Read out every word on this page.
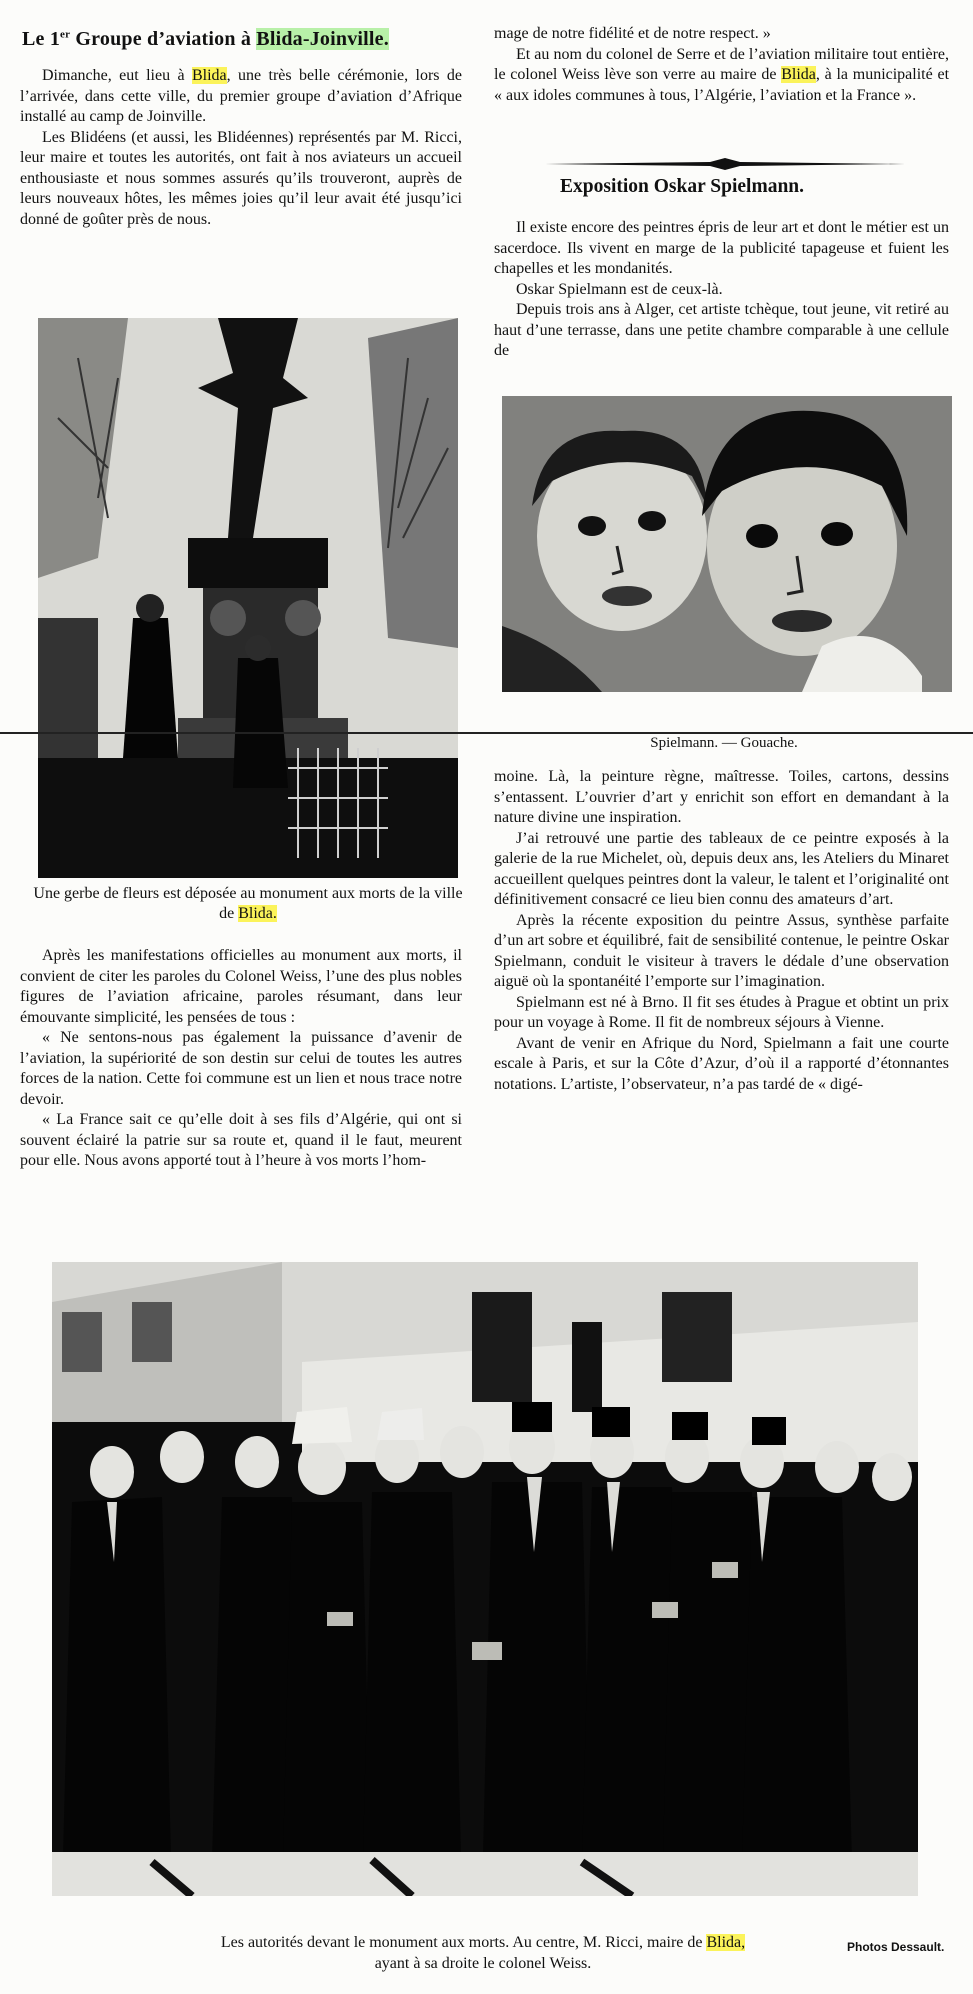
Le 1er Groupe d’aviation à Blida-Joinville.

Dimanche, eut lieu à Blida, une très belle cérémonie, lors de l’arrivée, dans cette ville, du premier groupe d’aviation d’Afrique installé au camp de Joinville.

Les Blidéens (et aussi, les Blidéennes) représentés par M. Ricci, leur maire et toutes les autorités, ont fait à nos aviateurs un accueil enthousiaste et nous sommes assurés qu’ils trouveront, auprès de leurs nouveaux hôtes, les mêmes joies qu’il leur avait été jusqu’ici donné de goûter près de nous.

Une gerbe de fleurs est déposée au monument aux morts de la ville de Blida.

Après les manifestations officielles au monument aux morts, il convient de citer les paroles du Colonel Weiss, l’une des plus nobles figures de l’aviation africaine, paroles résumant, dans leur émouvante simplicité, les pensées de tous :

« Ne sentons-nous pas également la puissance d’avenir de l’aviation, la supériorité de son destin sur celui de toutes les autres forces de la nation. Cette foi commune est un lien et nous trace notre devoir.

« La France sait ce qu’elle doit à ses fils d’Algérie, qui ont si souvent éclairé la patrie sur sa route et, quand il le faut, meurent pour elle. Nous avons apporté tout à l’heure à vos morts l’hom-

mage de notre fidélité et de notre respect. »

Et au nom du colonel de Serre et de l’aviation militaire tout entière, le colonel Weiss lève son verre au maire de Blida, à la municipalité et « aux idoles communes à tous, l’Algérie, l’aviation et la France ».

Exposition Oskar Spielmann.

Il existe encore des peintres épris de leur art et dont le métier est un sacerdoce. Ils vivent en marge de la publicité tapageuse et fuient les chapelles et les mondanités.

Oskar Spielmann est de ceux-là.

Depuis trois ans à Alger, cet artiste tchèque, tout jeune, vit retiré au haut d’une terrasse, dans une petite chambre comparable à une cellule de

Spielmann. — Gouache.

moine. Là, la peinture règne, maîtresse. Toiles, cartons, dessins s’entassent. L’ouvrier d’art y enrichit son effort en demandant à la nature divine une inspiration.

J’ai retrouvé une partie des tableaux de ce peintre exposés à la galerie de la rue Michelet, où, depuis deux ans, les Ateliers du Minaret accueillent quelques peintres dont la valeur, le talent et l’originalité ont définitivement consacré ce lieu bien connu des amateurs d’art.

Après la récente exposition du peintre Assus, synthèse parfaite d’un art sobre et équilibré, fait de sensibilité contenue, le peintre Oskar Spielmann, conduit le visiteur à travers le dédale d’une observation aiguë où la spontanéité l’emporte sur l’imagination.

Spielmann est né à Brno. Il fit ses études à Prague et obtint un prix pour un voyage à Rome. Il fit de nombreux séjours à Vienne.

Avant de venir en Afrique du Nord, Spielmann a fait une courte escale à Paris, et sur la Côte d’Azur, d’où il a rapporté d’étonnantes notations. L’artiste, l’observateur, n’a pas tardé de « digé-

Les autorités devant le monument aux morts. Au centre, M. Ricci, maire de Blida,
ayant à sa droite le colonel Weiss.
Photos Dessault.
